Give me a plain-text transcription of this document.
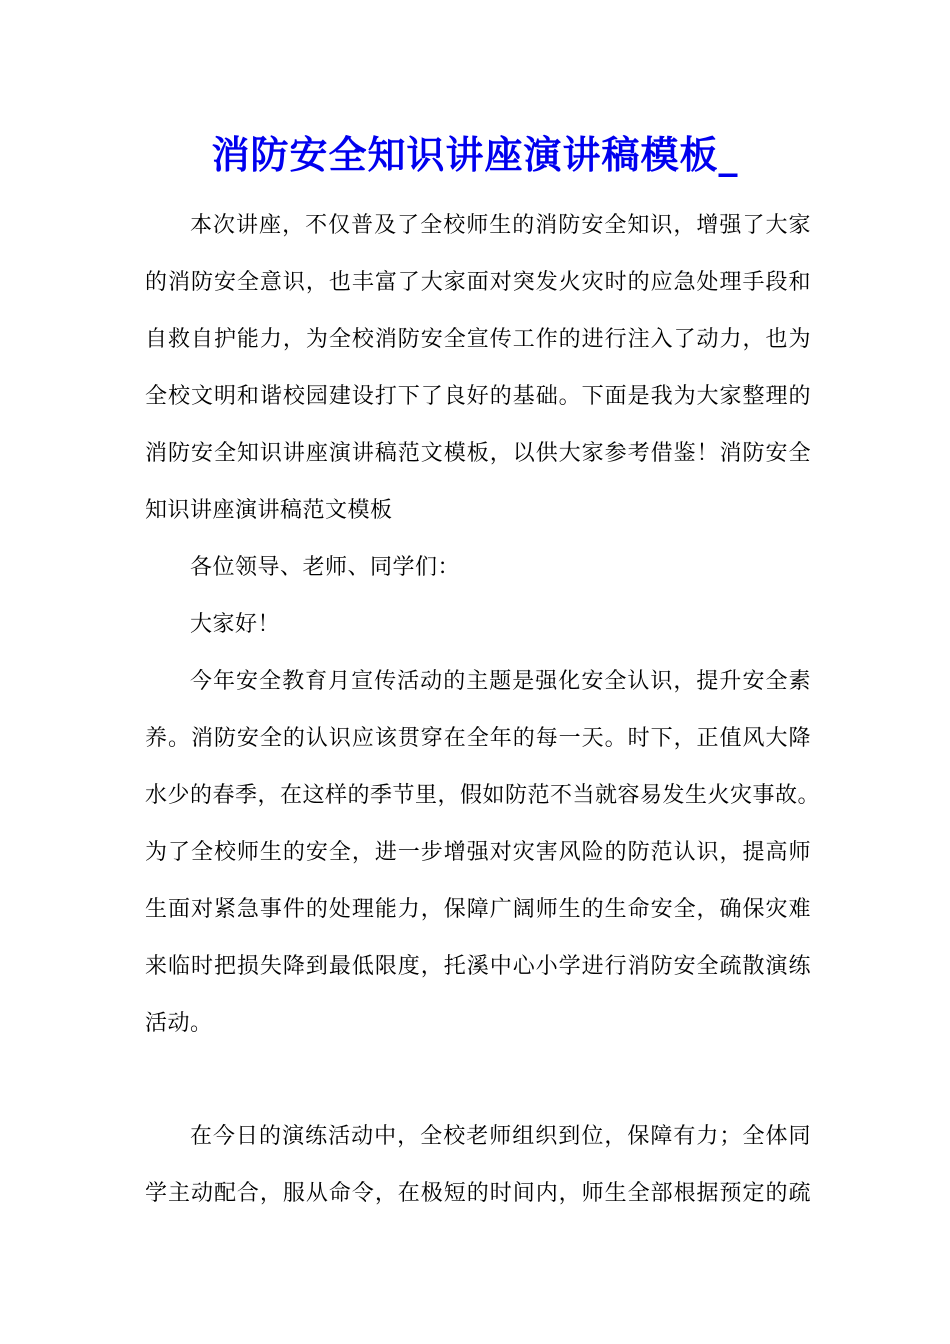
消防安全知识讲座演讲稿模板_
本次讲座，不仅普及了全校师生的消防安全知识，增强了大家
的消防安全意识，也丰富了大家面对突发火灾时的应急处理手段和
自救自护能力，为全校消防安全宣传工作的进行注入了动力，也为
全校文明和谐校园建设打下了良好的基础。下面是我为大家整理的
消防安全知识讲座演讲稿范文模板，以供大家参考借鉴！消防安全
知识讲座演讲稿范文模板
各位领导、老师、同学们：
大家好！
今年安全教育月宣传活动的主题是强化安全认识，提升安全素
养。消防安全的认识应该贯穿在全年的每一天。时下，正值风大降
水少的春季，在这样的季节里，假如防范不当就容易发生火灾事故。
为了全校师生的安全，进一步增强对灾害风险的防范认识，提高师
生面对紧急事件的处理能力，保障广阔师生的生命安全，确保灾难
来临时把损失降到最低限度，托溪中心小学进行消防安全疏散演练
活动。
在今日的演练活动中，全校老师组织到位，保障有力；全体同
学主动配合，服从命令，在极短的时间内，师生全部根据预定的疏
